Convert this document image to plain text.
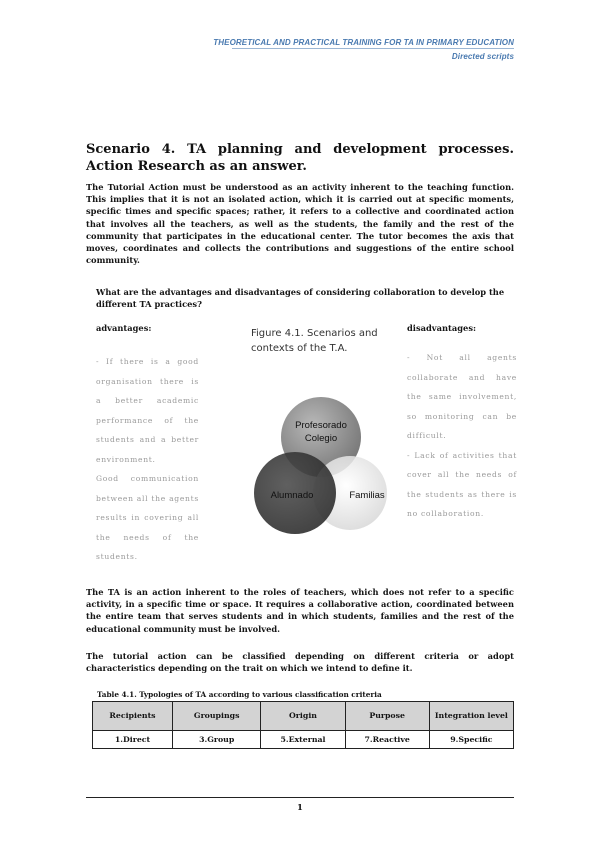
THEORETICAL AND PRACTICAL TRAINING FOR TA IN PRIMARY EDUCATION
Directed scripts
Scenario 4. TA planning and development processes. Action Research as an answer.
The Tutorial Action must be understood as an activity inherent to the teaching function. This implies that it is not an isolated action, which it is carried out at specific moments, specific times and specific spaces; rather, it refers to a collective and coordinated action that involves all the teachers, as well as the students, the family and the rest of the community that participates in the educational center. The tutor becomes the axis that moves, coordinates and collects the contributions and suggestions of the entire school community.
What are the advantages and disadvantages of considering collaboration to develop the different TA practices?
advantages:

- If there is a good organisation there is a better academic performance of the students and a better environment.

Good communication between all the agents results in covering all the needs of the students.

Figure 4.1. Scenarios and contexts of the T.A.
Profesorado
Colegio
Alumnado	Familias
disadvantages:

- Not all agents collaborate and have the same involvement, so monitoring can be difficult.

- Lack of activities that cover all the needs of the students as there is no collaboration.

The TA is an action inherent to the roles of teachers, which does not refer to a specific activity, in a specific time or space. It requires a collaborative action, coordinated between the entire team that serves students and in which students, families and the rest of the educational community must be involved.
The tutorial action can be classified depending on different criteria or adopt characteristics depending on the trait on which we intend to define it.
Table 4.1. Typologies of TA according to various classification criteria
Recipients	Groupings	Origin	Purpose	Integration level
1.Direct	3.Group	5.External	7.Reactive	9.Specific
1
